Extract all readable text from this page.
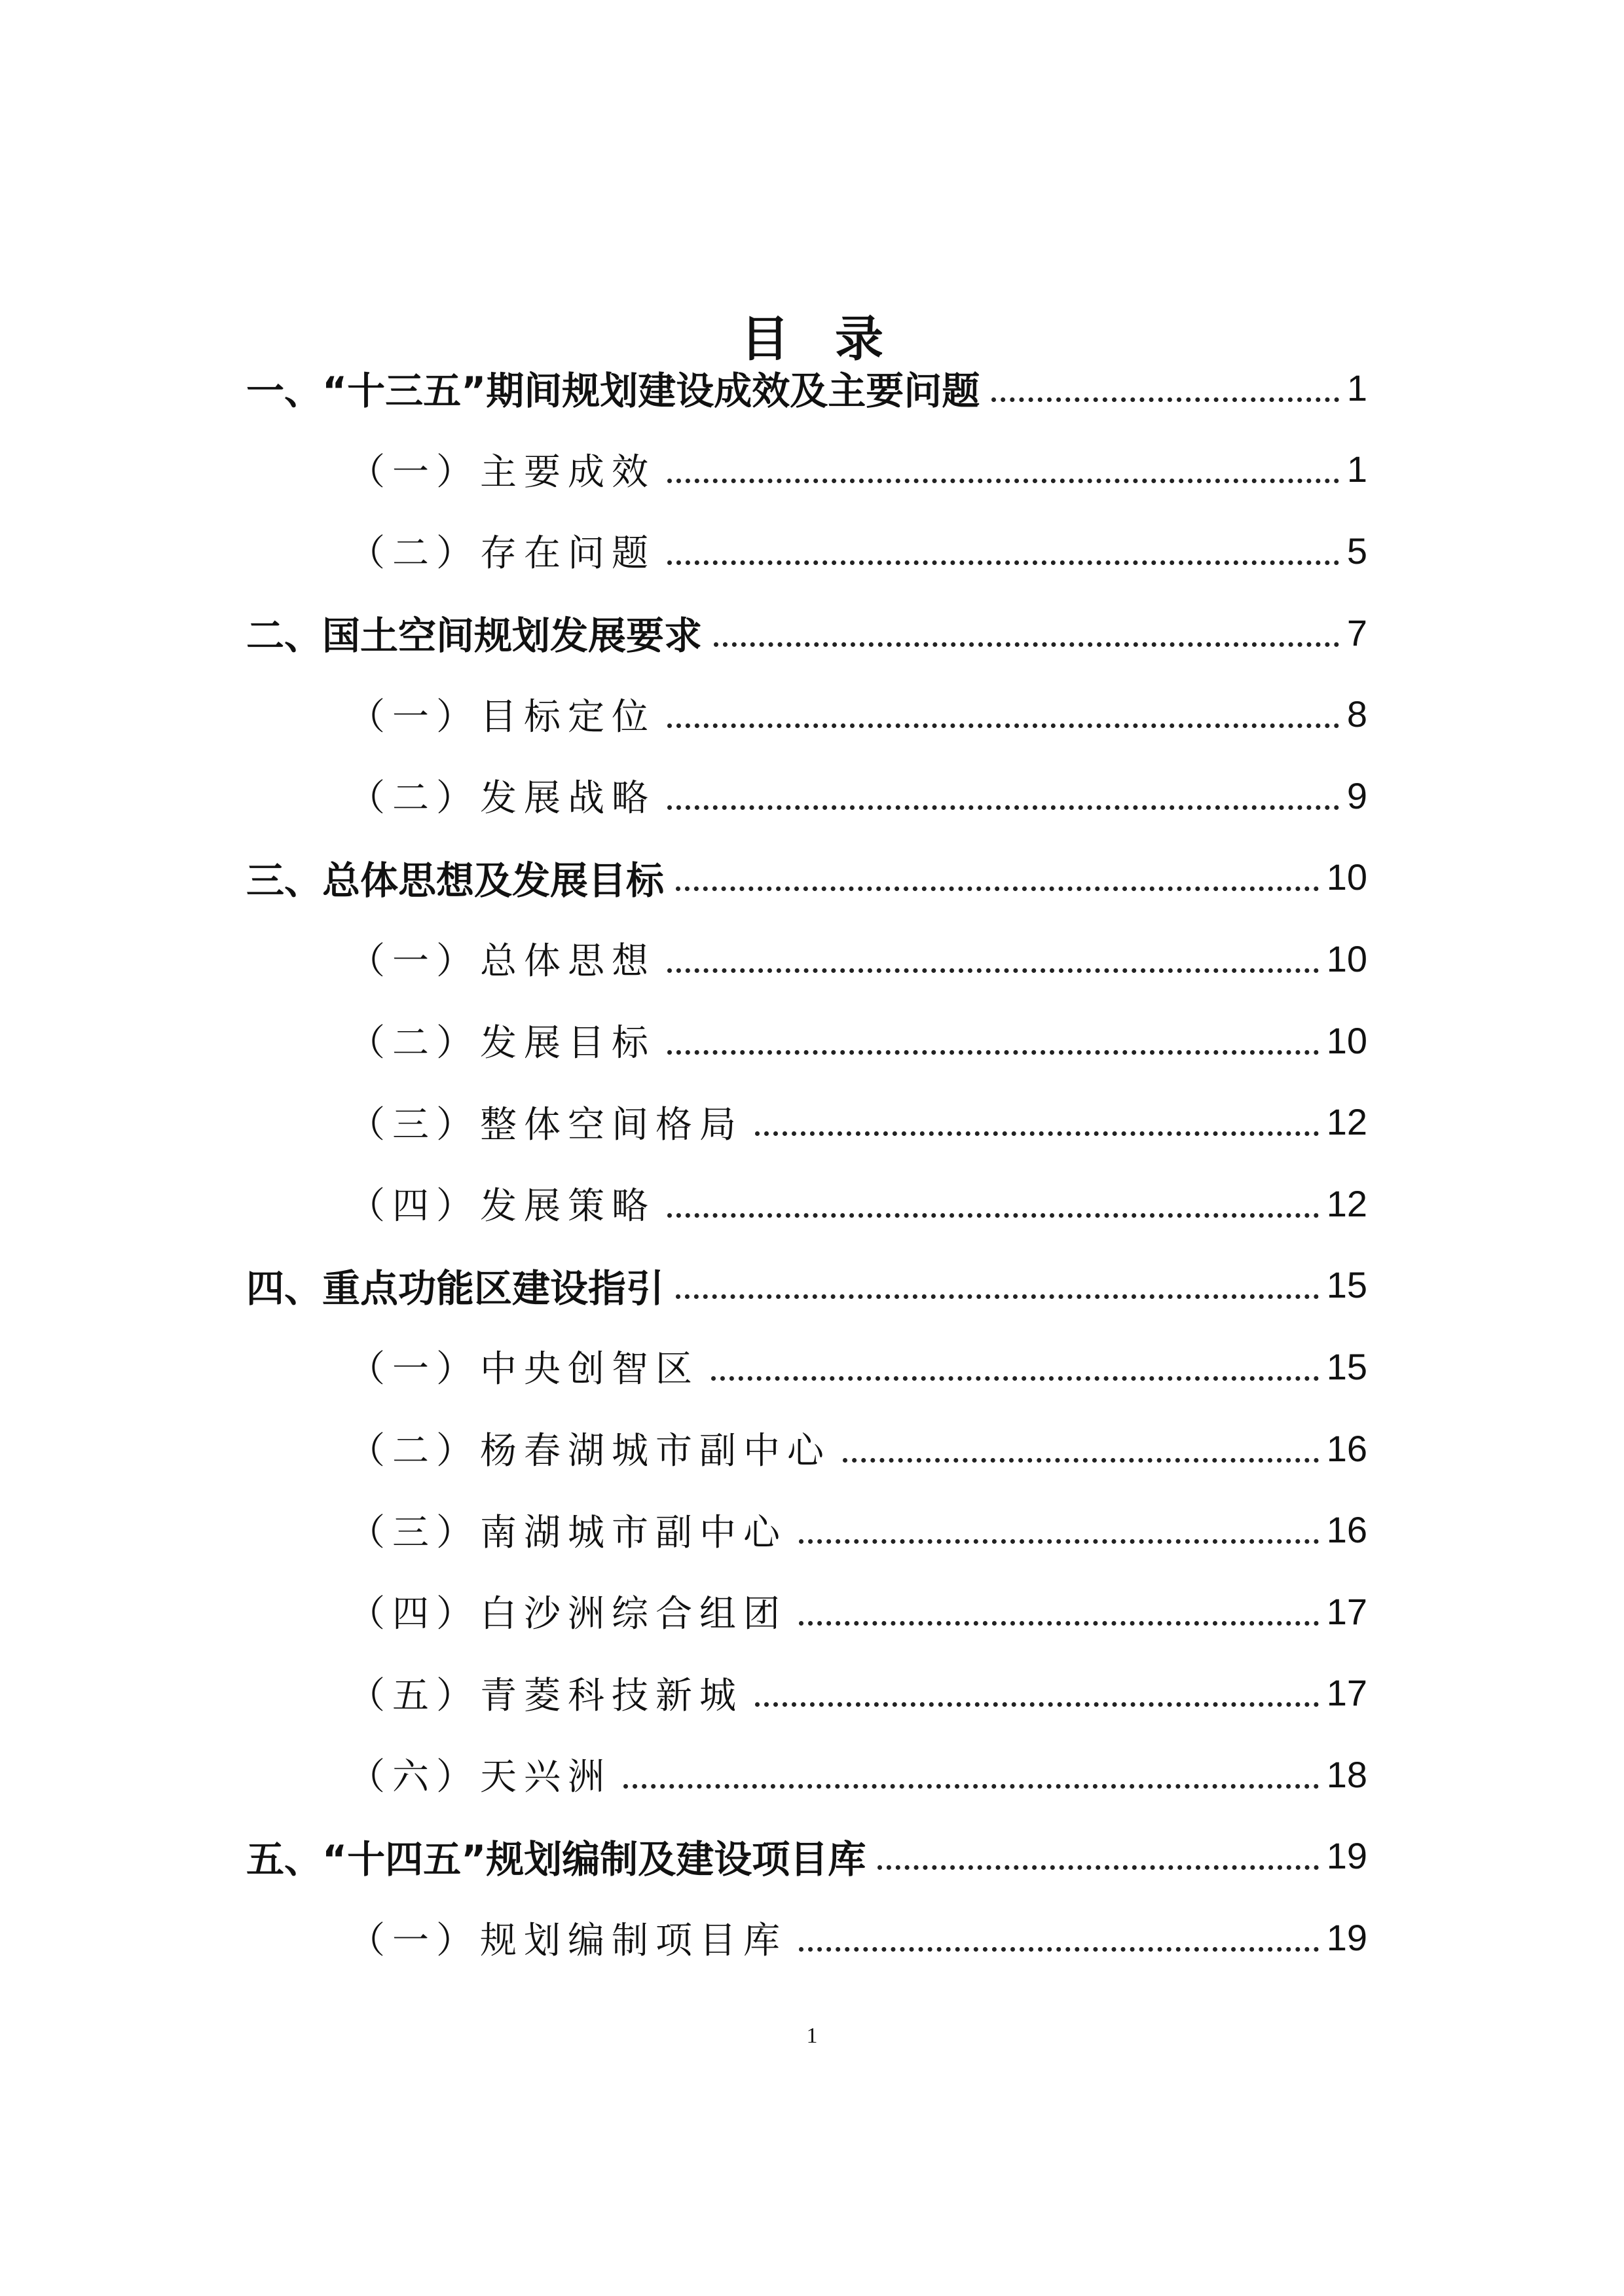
目录
一、“十三五”期间规划建设成效及主要问题	1
（一）主要成效	1
（二）存在问题	5
二、国土空间规划发展要求	7
（一）目标定位	8
（二）发展战略	9
三、总体思想及发展目标	10
（一）总体思想	10
（二）发展目标	10
（三）整体空间格局	12
（四）发展策略	12
四、重点功能区建设指引	15
（一）中央创智区	15
（二）杨春湖城市副中心	16
（三）南湖城市副中心	16
（四）白沙洲综合组团	17
（五）青菱科技新城	17
（六）天兴洲	18
五、“十四五”规划编制及建设项目库	19
（一）规划编制项目库	19
1
